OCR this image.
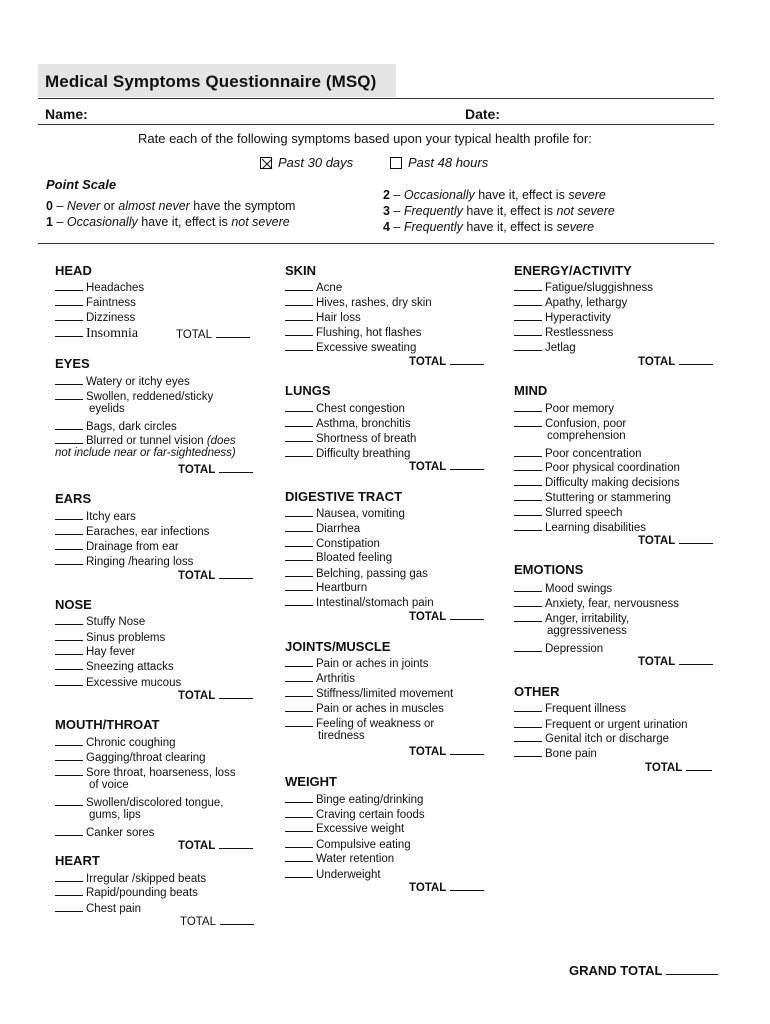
Medical Symptoms Questionnaire (MSQ)
Name:	Date:
Rate each of the following symptoms based upon your typical health profile for:
Past 30 days	Past 48 hours
Point Scale
0 – Never or almost never have the symptom
1 – Occasionally have it, effect is not severe
2 – Occasionally have it, effect is severe
3 – Frequently have it, effect is not severe
4 – Frequently have it, effect is severe
HEAD
Headaches
Faintness
Dizziness
Insomnia	TOTAL
EYES
Watery or itchy eyes
Swollen, reddened/sticky
eyelids
Bags, dark circles
Blurred or tunnel vision (does
not include near or far-sightedness)
TOTAL
EARS
Itchy ears
Earaches, ear infections
Drainage from ear
Ringing /hearing loss
TOTAL
NOSE
Stuffy Nose
Sinus problems
Hay fever
Sneezing attacks
Excessive mucous
TOTAL
MOUTH/THROAT
Chronic coughing
Gagging/throat clearing
Sore throat, hoarseness, loss
of voice
Swollen/discolored tongue,
gums, lips
Canker sores
TOTAL
HEART
Irregular /skipped beats
Rapid/pounding beats
Chest pain
TOTAL
SKIN
Acne
Hives, rashes, dry skin
Hair loss
Flushing, hot flashes
Excessive sweating
TOTAL
LUNGS
Chest congestion
Asthma, bronchitis
Shortness of breath
Difficulty breathing
TOTAL
DIGESTIVE TRACT
Nausea, vomiting
Diarrhea
Constipation
Bloated feeling
Belching, passing gas
Heartburn
Intestinal/stomach pain
TOTAL
JOINTS/MUSCLE
Pain or aches in joints
Arthritis
Stiffness/limited movement
Pain or aches in muscles
Feeling of weakness or
tiredness
TOTAL
WEIGHT
Binge eating/drinking
Craving certain foods
Excessive weight
Compulsive eating
Water retention
Underweight
TOTAL
ENERGY/ACTIVITY
Fatigue/sluggishness
Apathy, lethargy
Hyperactivity
Restlessness
Jetlag
TOTAL
MIND
Poor memory
Confusion, poor
comprehension
Poor concentration
Poor physical coordination
Difficulty making decisions
Stuttering or stammering
Slurred speech
Learning disabilities
TOTAL
EMOTIONS
Mood swings
Anxiety, fear, nervousness
Anger, irritability,
aggressiveness
Depression
TOTAL
OTHER
Frequent illness
Frequent or urgent urination
Genital itch or discharge
Bone pain
TOTAL
GRAND TOTAL
